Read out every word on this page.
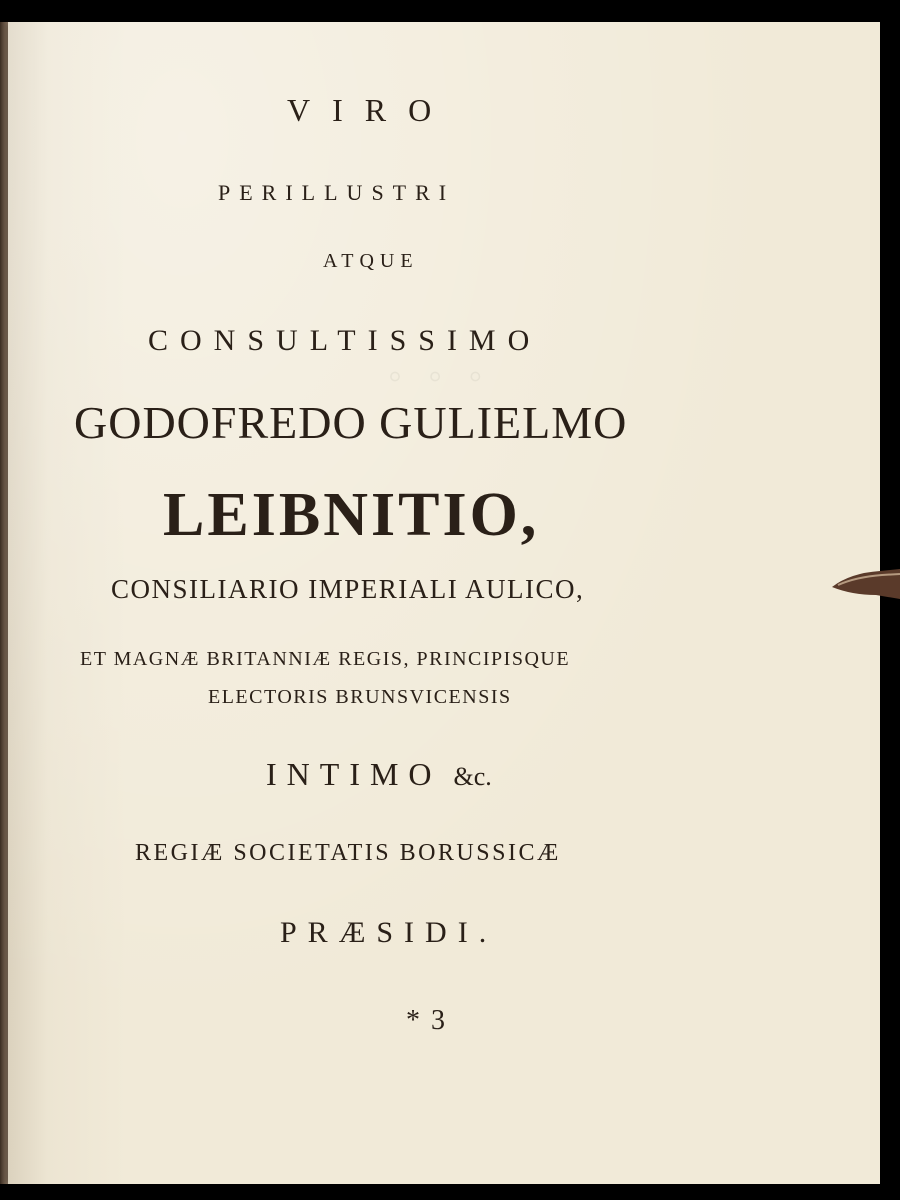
◦ ◦ ◦
VIRO
PERILLUSTRI
ATQUE
CONSULTISSIMO
GODOFREDO GULIELMO
LEIBNITIO,
CONSILIARIO IMPERIALI AULICO,
ET MAGNÆ BRITANNIÆ REGIS, PRINCIPISQUE
ELECTORIS BRUNSVICENSIS
INTIMO &c.
REGIÆ SOCIETATIS BORUSSICÆ
PRÆSIDI.
* 3
